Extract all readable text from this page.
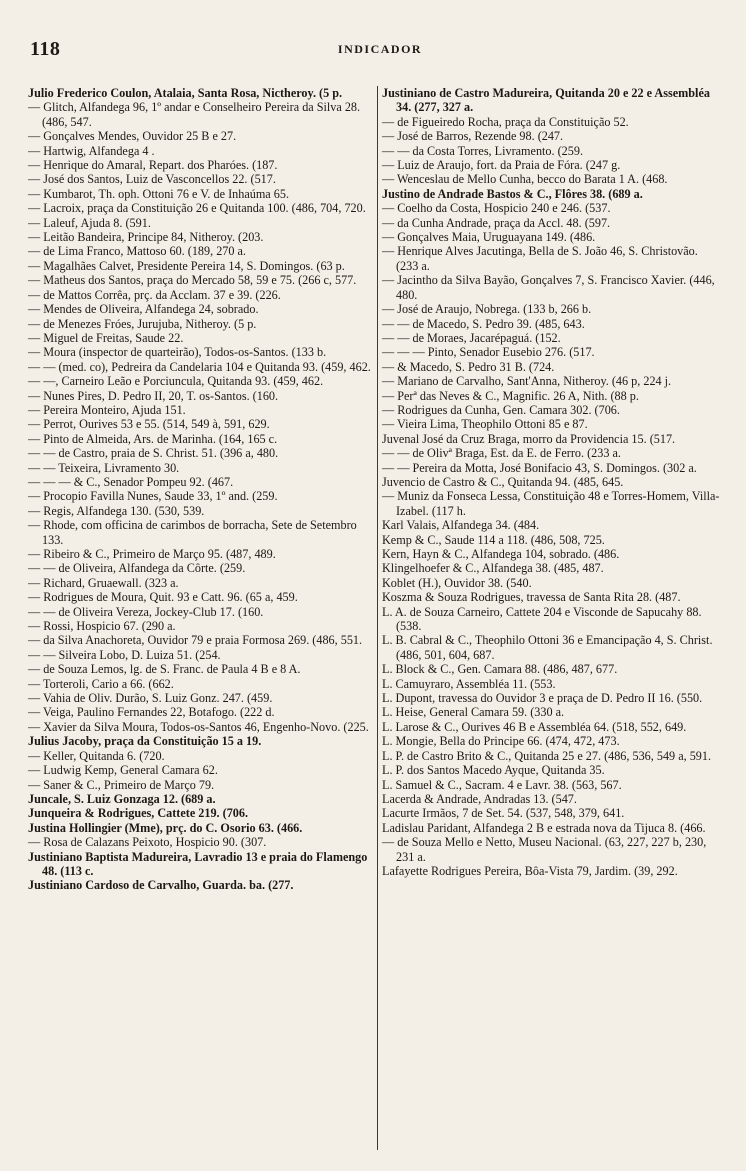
118	INDICADOR
Julio Frederico Coulon, Atalaia, Santa Rosa, Nictheroy. (5 p.
— Glitch, Alfandega 96, 1º andar e Conselheiro Pereira da Silva 28. (486, 547.
— Gonçalves Mendes, Ouvidor 25 B e 27.
— Hartwig, Alfandega 4 .
— Henrique do Amaral, Repart. dos Pharóes. (187.
— José dos Santos, Luiz de Vasconcellos 22. (517.
— Kumbarot, Th. oph. Ottoni 76 e V. de Inhaúma 65.
— Lacroix, praça da Constituição 26 e Quitanda 100. (486, 704, 720.
— Laleuf, Ajuda 8. (591.
— Leitão Bandeira, Principe 84, Nitheroy. (203.
— de Lima Franco, Mattoso 60. (189, 270 a.
— Magalhães Calvet, Presidente Pereira 14, S. Domingos. (63 p.
— Matheus dos Santos, praça do Mercado 58, 59 e 75. (266 c, 577.
— de Mattos Corrêa, prç. da Acclam. 37 e 39. (226.
— Mendes de Oliveira, Alfandega 24, sobrado.
— de Menezes Fróes, Jurujuba, Nitheroy. (5 p.
— Miguel de Freitas, Saude 22.
— Moura (inspector de quarteirão), Todos-os-Santos. (133 b.
— — (med. co), Pedreira da Candelaria 104 e Quitanda 93. (459, 462.
— —, Carneiro Leão e Porciuncula, Quitanda 93. (459, 462.
— Nunes Pires, D. Pedro II, 20, T. os-Santos. (160.
— Pereira Monteiro, Ajuda 151.
— Perrot, Ourives 53 e 55. (514, 549 à, 591, 629.
— Pinto de Almeida, Ars. de Marinha. (164, 165 c.
— — de Castro, praia de S. Christ. 51. (396 a, 480.
— — Teixeira, Livramento 30.
— — — & C., Senador Pompeu 92. (467.
— Procopio Favilla Nunes, Saude 33, 1º and. (259.
— Regis, Alfandega 130. (530, 539.
— Rhode, com officina de carimbos de borracha, Sete de Setembro 133.
— Ribeiro & C., Primeiro de Março 95. (487, 489.
— — de Oliveira, Alfandega da Côrte. (259.
— Richard, Gruaewall. (323 a.
— Rodrigues de Moura, Quit. 93 e Catt. 96. (65 a, 459.
— — de Oliveira Vereza, Jockey-Club 17. (160.
— Rossi, Hospicio 67. (290 a.
— da Silva Anachoreta, Ouvidor 79 e praia Formosa 269. (486, 551.
— — Silveira Lobo, D. Luiza 51. (254.
— de Souza Lemos, lg. de S. Franc. de Paula 4 B e 8 A.
— Torteroli, Cario a 66. (662.
— Vahia de Oliv. Durão, S. Luiz Gonz. 247. (459.
— Veiga, Paulino Fernandes 22, Botafogo. (222 d.
— Xavier da Silva Moura, Todos-os-Santos 46, Engenho-Novo. (225.
Julius Jacoby, praça da Constituição 15 a 19.
— Keller, Quitanda 6. (720.
— Ludwig Kemp, General Camara 62.
— Saner & C., Primeiro de Março 79.
Juncale, S. Luiz Gonzaga 12. (689 a.
Junqueira & Rodrigues, Cattete 219. (706.
Justina Hollingier (Mme), prç. do C. Osorio 63. (466.
— Rosa de Calazans Peixoto, Hospicio 90. (307.
Justiniano Baptista Madureira, Lavradio 13 e praia do Flamengo 48. (113 c.
Justiniano Cardoso de Carvalho, Guarda. ba. (277.
Justiniano de Castro Madureira, Quitanda 20 e 22 e Assembléa 34. (277, 327 a.
— de Figueiredo Rocha, praça da Constituição 52.
— José de Barros, Rezende 98. (247.
— — da Costa Torres, Livramento. (259.
— Luiz de Araujo, fort. da Praia de Fóra. (247 g.
— Wenceslau de Mello Cunha, becco do Barata 1 A. (468.
Justino de Andrade Bastos & C., Flôres 38. (689 a.
— Coelho da Costa, Hospicio 240 e 246. (537.
— da Cunha Andrade, praça da Accl. 48. (597.
— Gonçalves Maia, Uruguayana 149. (486.
— Henrique Alves Jacutinga, Bella de S. João 46, S. Christovão. (233 a.
— Jacintho da Silva Bayão, Gonçalves 7, S. Francisco Xavier. (446, 480.
— José de Araujo, Nobrega. (133 b, 266 b.
— — de Macedo, S. Pedro 39. (485, 643.
— — de Moraes, Jacarépaguá. (152.
— — — Pinto, Senador Eusebio 276. (517.
— & Macedo, S. Pedro 31 B. (724.
— Mariano de Carvalho, Sant'Anna, Nitheroy. (46 p, 224 j.
— Perª das Neves & C., Magnific. 26 A, Nith. (88 p.
— Rodrigues da Cunha, Gen. Camara 302. (706.
— Vieira Lima, Theophilo Ottoni 85 e 87.
Juvenal José da Cruz Braga, morro da Providencia 15. (517.
— — de Olivª Braga, Est. da E. de Ferro. (233 a.
— — Pereira da Motta, José Bonifacio 43, S. Domingos. (302 a.
Juvencio de Castro & C., Quitanda 94. (485, 645.
— Muniz da Fonseca Lessa, Constituição 48 e Torres-Homem, Villa-Izabel. (117 h.
Karl Valais, Alfandega 34. (484.
Kemp & C., Saude 114 a 118. (486, 508, 725.
Kern, Hayn & C., Alfandega 104, sobrado. (486.
Klingelhoefer & C., Alfandega 38. (485, 487.
Koblet (H.), Ouvidor 38. (540.
Koszma & Souza Rodrigues, travessa de Santa Rita 28. (487.
L. A. de Souza Carneiro, Cattete 204 e Visconde de Sapucahy 88. (538.
L. B. Cabral & C., Theophilo Ottoni 36 e Emancipação 4, S. Christ. (486, 501, 604, 687.
L. Block & C., Gen. Camara 88. (486, 487, 677.
L. Camuyraro, Assembléa 11. (553.
L. Dupont, travessa do Ouvidor 3 e praça de D. Pedro II 16. (550.
L. Heise, General Camara 59. (330 a.
L. Larose & C., Ourives 46 B e Assembléa 64. (518, 552, 649.
L. Mongie, Bella do Principe 66. (474, 472, 473.
L. P. de Castro Brito & C., Quitanda 25 e 27. (486, 536, 549 a, 591.
L. P. dos Santos Macedo Ayque, Quitanda 35.
L. Samuel & C., Sacram. 4 e Lavr. 38. (563, 567.
Lacerda & Andrade, Andradas 13. (547.
Lacurte Irmãos, 7 de Set. 54. (537, 548, 379, 641.
Ladislau Paridant, Alfandega 2 B e estrada nova da Tijuca 8. (466.
— de Souza Mello e Netto, Museu Nacional. (63, 227, 227 b, 230, 231 a.
Lafayette Rodrigues Pereira, Bôa-Vista 79, Jardim. (39, 292.
